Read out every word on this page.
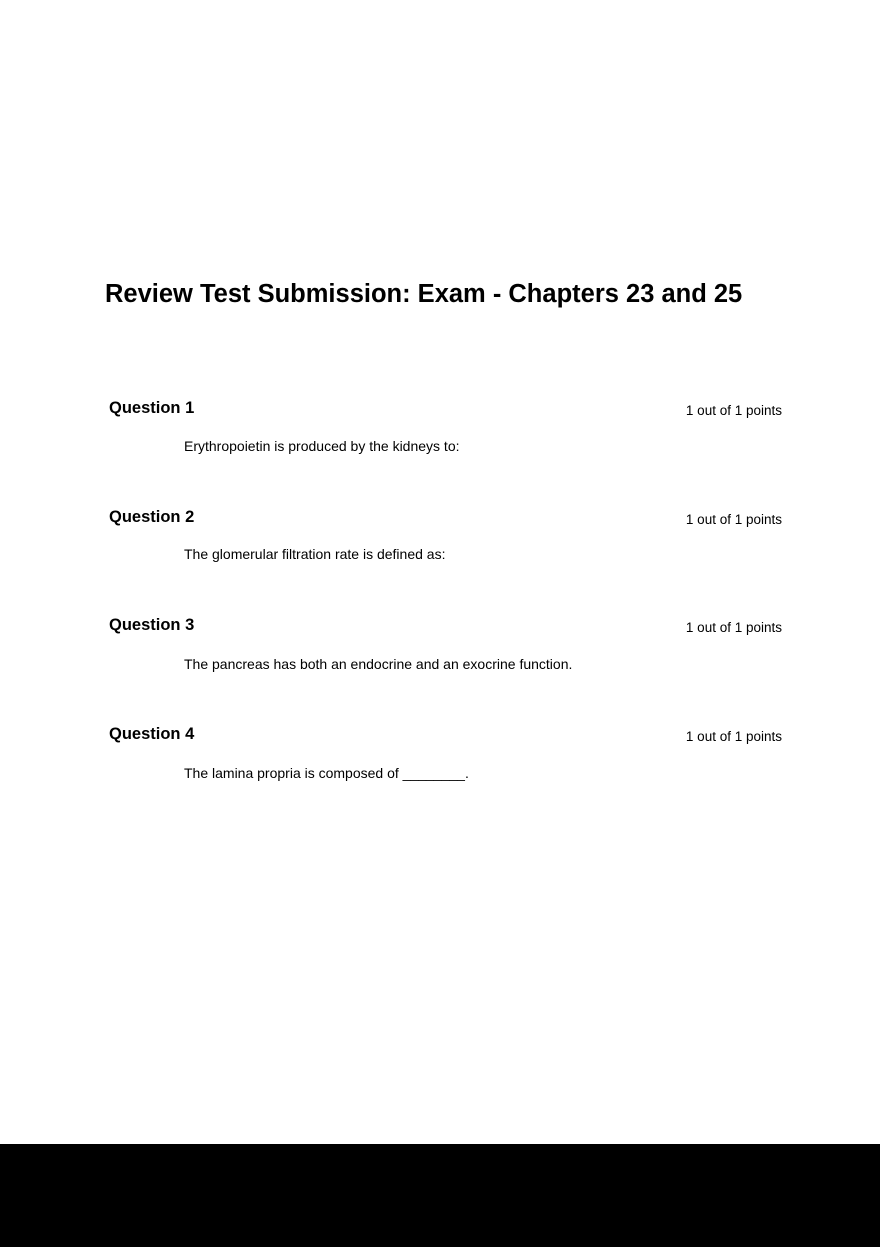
Review Test Submission: Exam - Chapters 23 and 25
Question 1	1 out of 1 points
Erythropoietin is produced by the kidneys to:
Question 2	1 out of 1 points
The glomerular filtration rate is defined as:
Question 3	1 out of 1 points
The pancreas has both an endocrine and an exocrine function.
Question 4	1 out of 1 points
The lamina propria is composed of ________.
